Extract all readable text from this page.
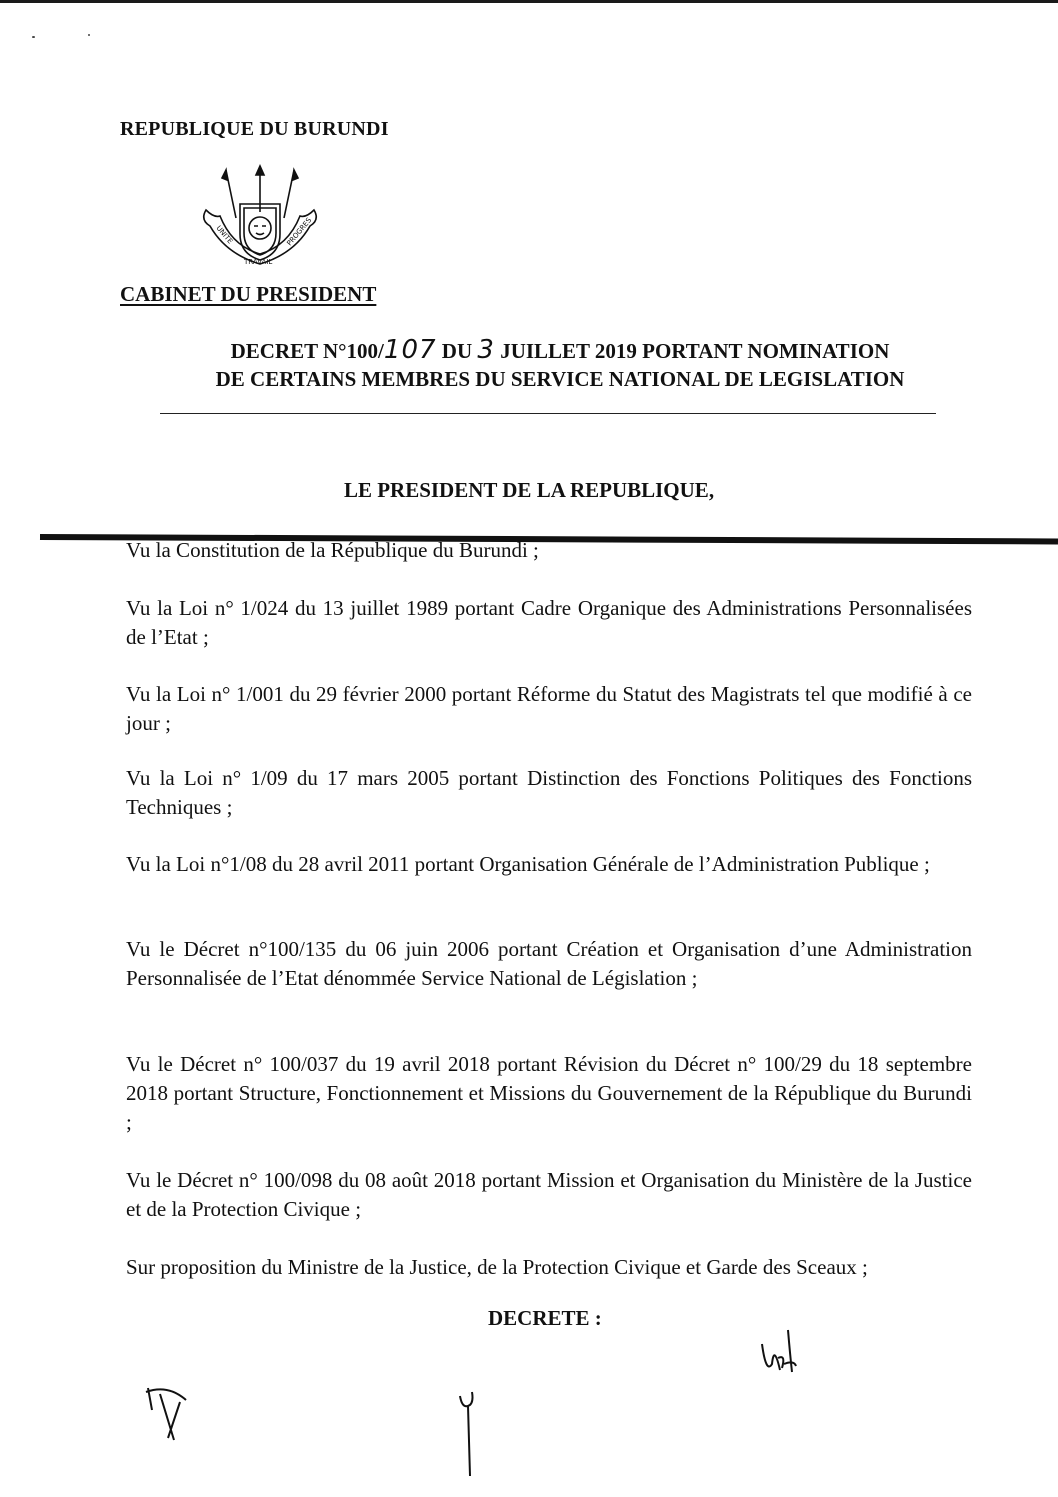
REPUBLIQUE DU BURUNDI
UNITE
TRAVAIL
PROGRES
CABINET DU PRESIDENT
DECRET N°100/107 DU 3 JUILLET 2019 PORTANT NOMINATION
DE CERTAINS MEMBRES DU SERVICE NATIONAL DE LEGISLATION
LE PRESIDENT DE LA REPUBLIQUE,
Vu la Constitution de la République du Burundi ;
Vu la Loi n° 1/024 du 13 juillet 1989 portant Cadre Organique des Administrations Personnalisées de l’Etat ;
Vu la Loi n° 1/001 du 29 février 2000 portant Réforme du Statut des Magistrats tel que modifié à ce jour ;
Vu la Loi n° 1/09 du 17 mars 2005 portant Distinction des Fonctions Politiques des Fonctions Techniques ;
Vu la Loi n°1/08 du 28 avril 2011 portant Organisation Générale de l’Administration Publique ;
Vu le Décret n°100/135 du 06 juin 2006 portant Création et Organisation d’une Administration Personnalisée de l’Etat dénommée Service National de Législation ;
Vu le Décret n° 100/037 du 19 avril 2018 portant Révision du Décret n° 100/29 du 18 septembre 2018 portant Structure, Fonctionnement et Missions du Gouvernement de la République du Burundi ;
Vu le Décret n° 100/098 du 08 août 2018 portant Mission et Organisation du Ministère de la Justice et de la Protection Civique ;
Sur proposition du Ministre de la Justice, de la Protection Civique et Garde des Sceaux ;
DECRETE :
